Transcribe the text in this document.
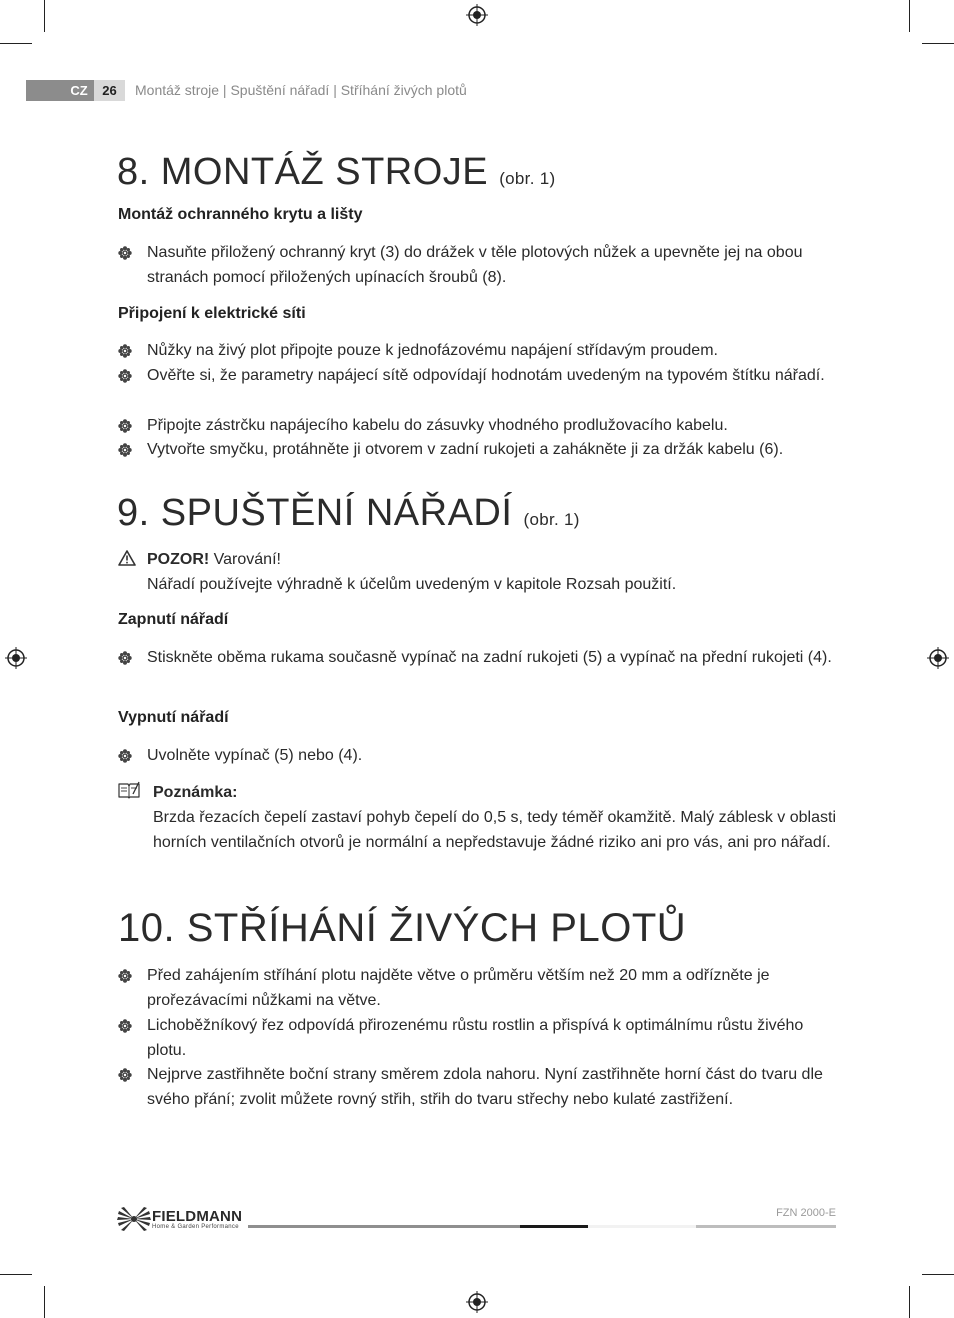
CZ	26	Montáž stroje | Spuštění nářadí | Stříhání živých plotů
8. MONTÁŽ STROJE (obr. 1)
Montáž ochranného krytu a lišty
Nasuňte přiložený ochranný kryt (3) do drážek v těle plotových nůžek a upevněte jej na obou stranách pomocí přiložených upínacích šroubů (8).
Připojení k elektrické síti
Nůžky na živý plot připojte pouze k jednofázovému napájení střídavým proudem.
Ověřte si, že parametry napájecí sítě odpovídají hodnotám uvedeným na typovém štítku nářadí.
Připojte zástrčku napájecího kabelu do zásuvky vhodného prodlužovacího kabelu.
Vytvořte smyčku, protáhněte ji otvorem v zadní rukojeti a zahákněte ji za držák kabelu (6).
9. SPUŠTĚNÍ NÁŘADÍ (obr. 1)
POZOR! Varování!
Nářadí používejte výhradně k účelům uvedeným v kapitole Rozsah použití.
Zapnutí nářadí
Stiskněte oběma rukama současně vypínač na zadní rukojeti (5) a vypínač na přední rukojeti (4).
Vypnutí nářadí
Uvolněte vypínač (5) nebo (4).
Poznámka:
Brzda řezacích čepelí zastaví pohyb čepelí do 0,5 s, tedy téměř okamžitě. Malý záblesk v oblasti horních ventilačních otvorů je normální a nepředstavuje žádné riziko ani pro vás, ani pro nářadí.
10. STŘÍHÁNÍ ŽIVÝCH PLOTŮ
Před zahájením stříhání plotu najděte větve o průměru větším než 20 mm a odřízněte je prořezávacími nůžkami na větve.
Lichoběžníkový řez odpovídá přirozenému růstu rostlin a přispívá k optimálnímu růstu živého plotu.
Nejprve zastřihněte boční strany směrem zdola nahoru. Nyní zastřihněte horní část do tvaru dle svého přání; zvolit můžete rovný střih, střih do tvaru střechy nebo kulaté zastřižení.
FIELDMANN
Home & Garden Performance
FZN 2000-E
